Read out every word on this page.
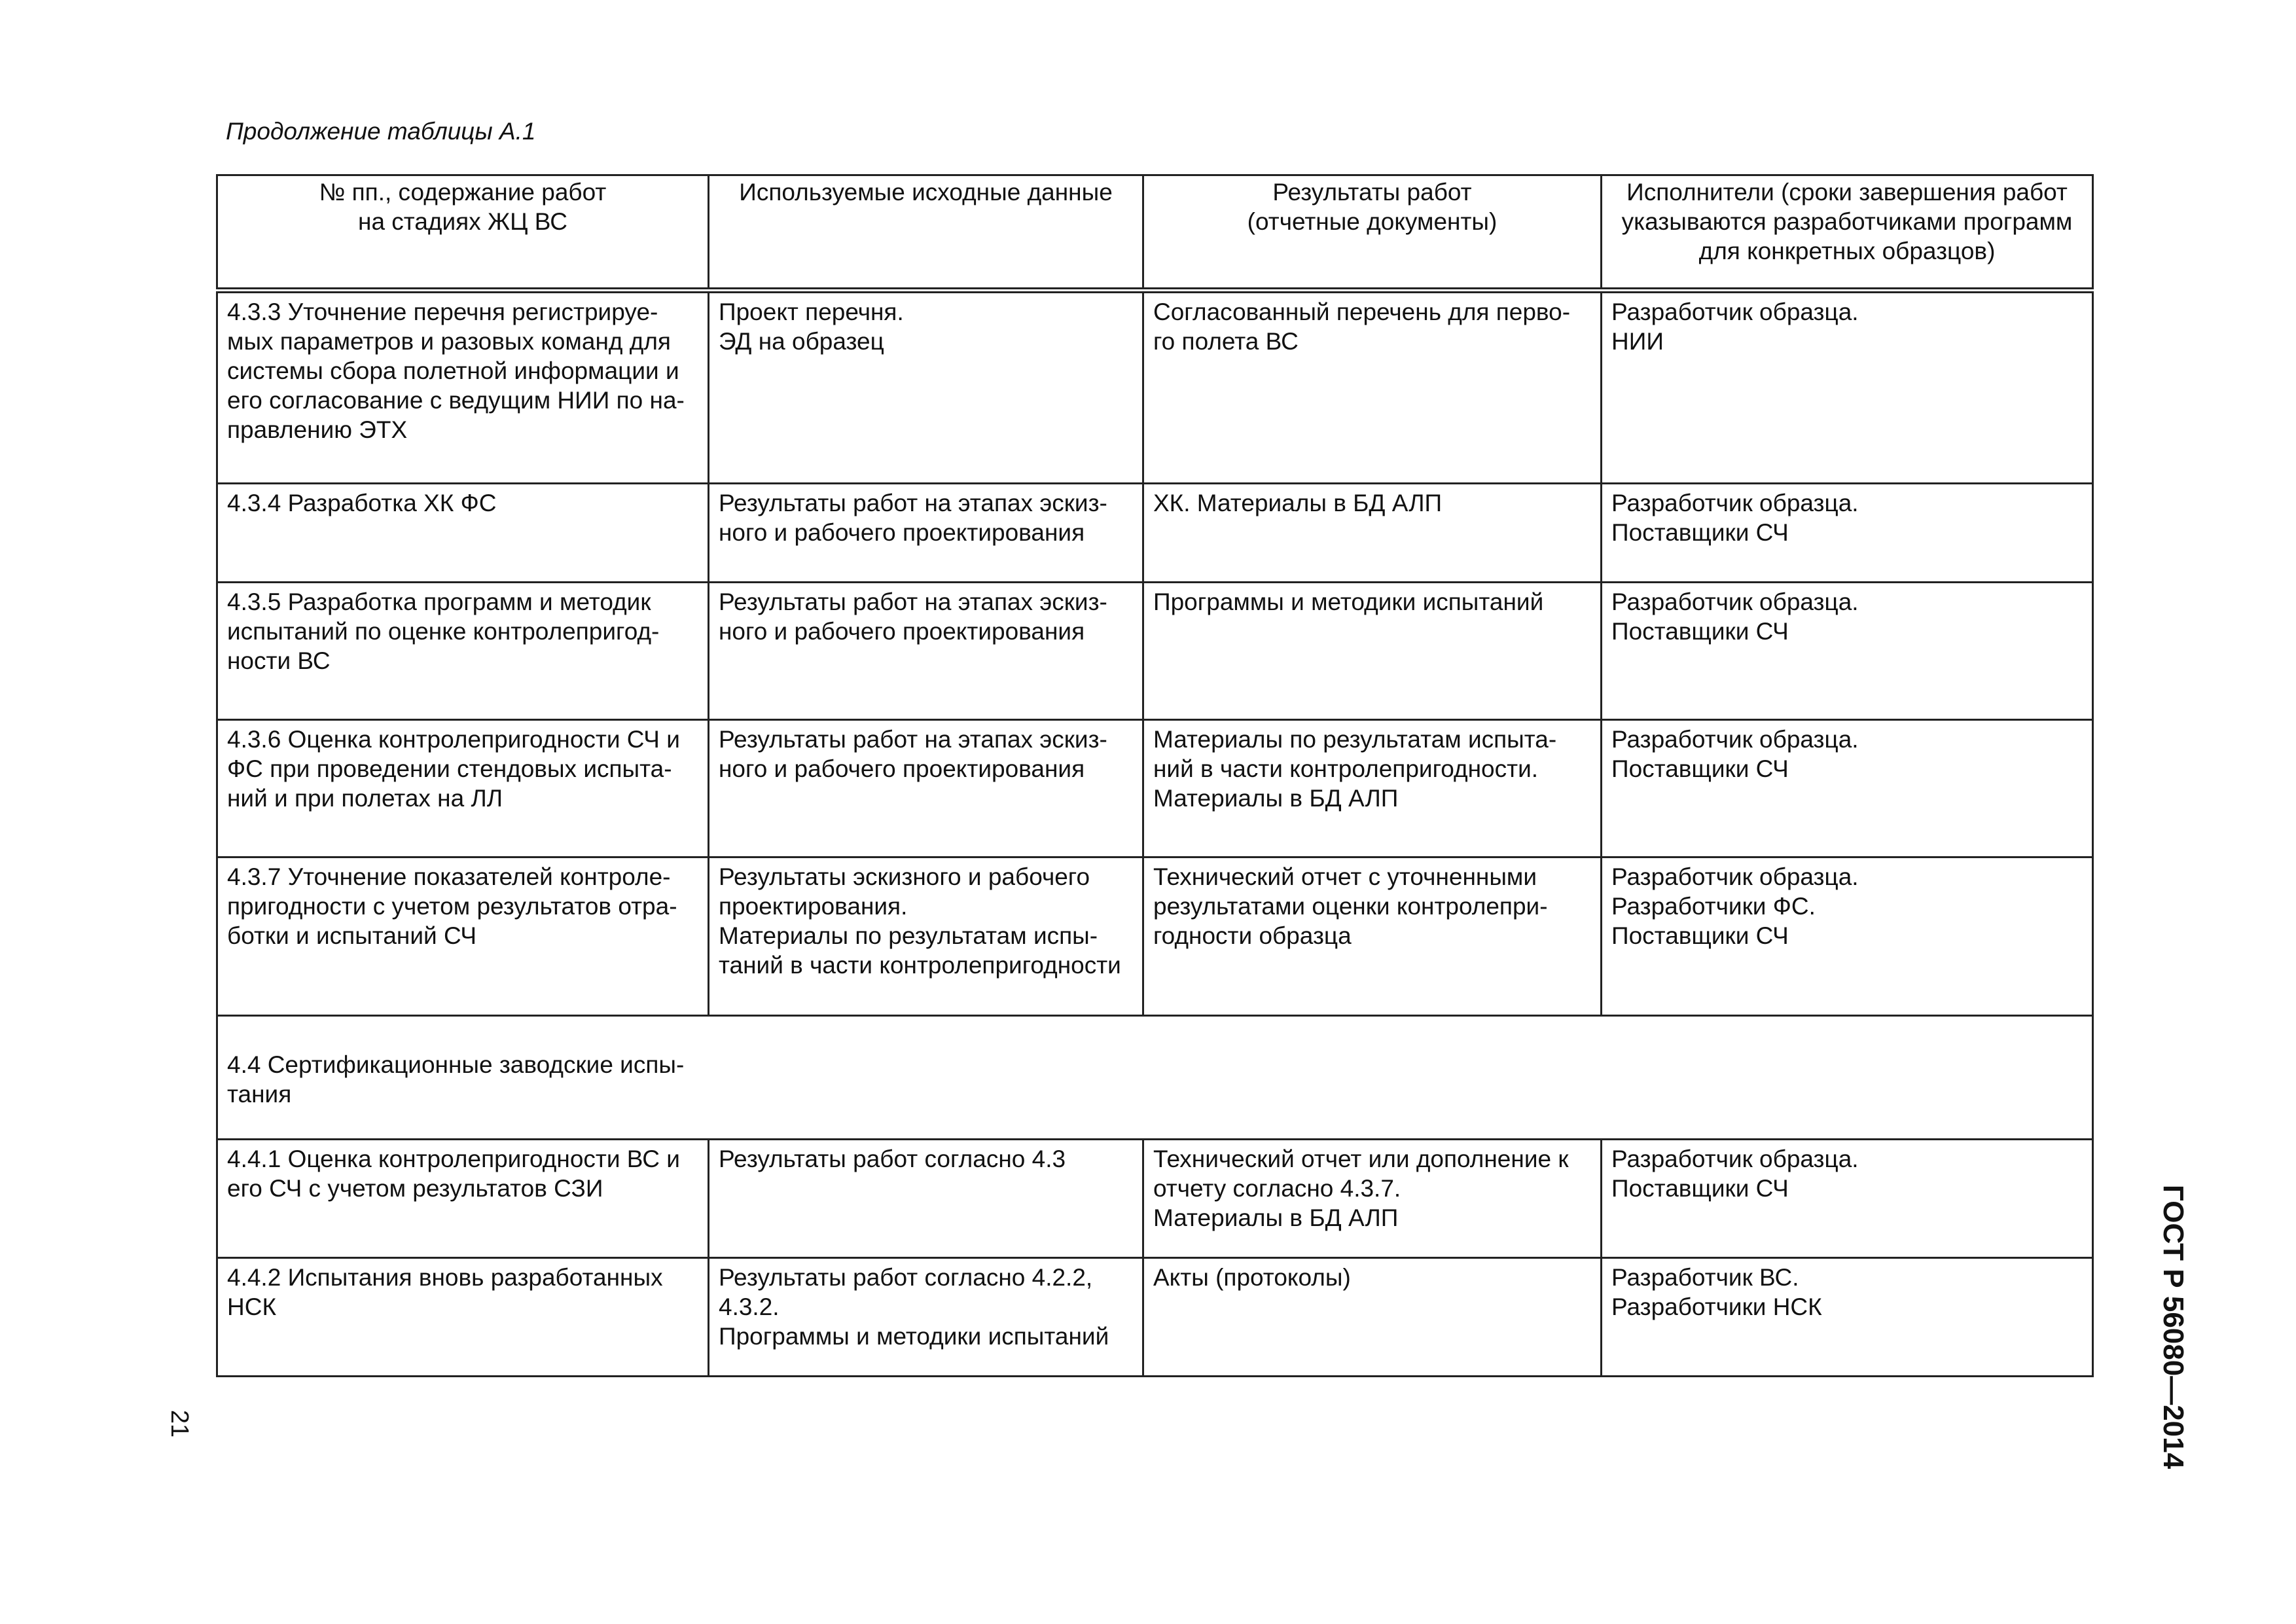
Продолжение таблицы А.1
№ пп., содержание работ
на стадиях ЖЦ ВС	Используемые исходные данные	Результаты работ
(отчетные документы)	Исполнители (сроки завершения работ
указываются разработчиками программ
для конкретных образцов)
4.3.3 Уточнение перечня регистрируе-
мых параметров и разовых команд для
системы сбора полетной информации и
его согласование с ведущим НИИ по на-
правлению ЭТХ	Проект перечня.
ЭД на образец	Согласованный перечень для перво-
го полета ВС	Разработчик образца.
НИИ
4.3.4 Разработка ХК ФС	Результаты работ на этапах эскиз-
ного и рабочего проектирования	ХК. Материалы в БД АЛП	Разработчик образца.
Поставщики СЧ
4.3.5 Разработка программ и методик
испытаний по оценке контролепригод-
ности ВС	Результаты работ на этапах эскиз-
ного и рабочего проектирования	Программы и методики испытаний	Разработчик образца.
Поставщики СЧ
4.3.6 Оценка контролепригодности СЧ и
ФС при проведении стендовых испыта-
ний и при полетах на ЛЛ	Результаты работ на этапах эскиз-
ного и рабочего проектирования	Материалы по результатам испыта-
ний в части контролепригодности.
Материалы в БД АЛП	Разработчик образца.
Поставщики СЧ
4.3.7 Уточнение показателей контроле-
пригодности с учетом результатов отра-
ботки и испытаний СЧ	Результаты эскизного и рабочего
проектирования.
Материалы по результатам испы-
таний в части контролепригодности	Технический отчет с уточненными
результатами оценки контролепри-
годности образца	Разработчик образца.
Разработчики ФС.
Поставщики СЧ

4.4 Сертификационные заводские испы-
тания			

4.4.1 Оценка контролепригодности ВС и
его СЧ с учетом результатов СЗИ	Результаты работ согласно 4.3	Технический отчет или дополнение к
отчету согласно 4.3.7.
Материалы в БД АЛП	Разработчик образца.
Поставщики СЧ
4.4.2 Испытания вновь разработанных
НСК	Результаты работ согласно 4.2.2,
4.3.2.
Программы и методики испытаний	Акты (протоколы)	Разработчик ВС.
Разработчики НСК
21	ГОСТ Р 56080—2014
